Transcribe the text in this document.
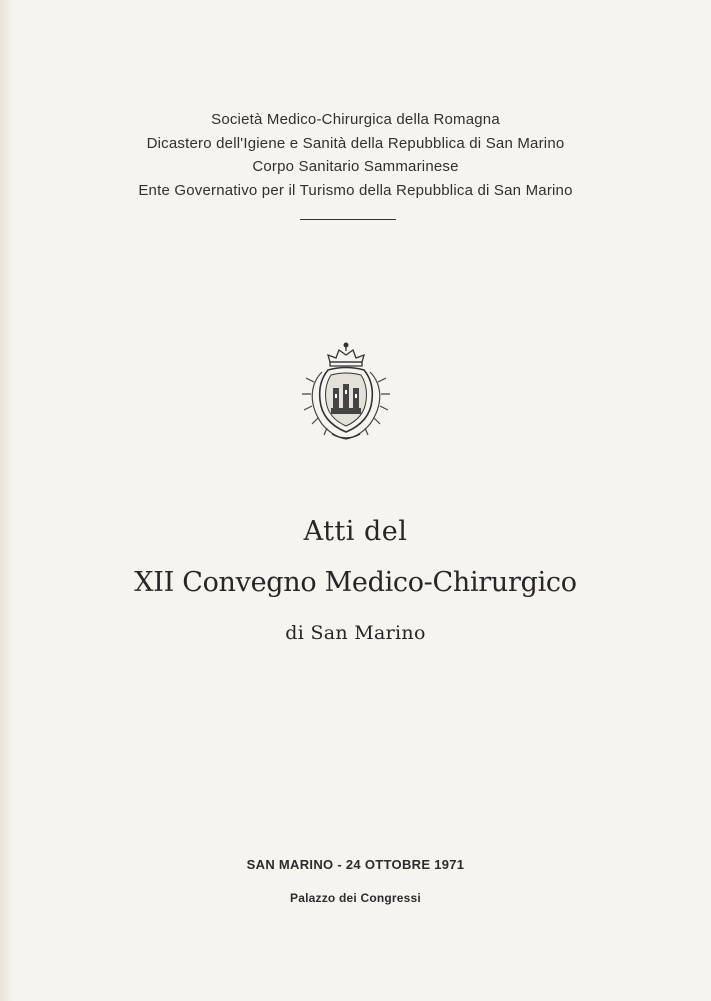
Società Medico-Chirurgica della Romagna
Dicastero dell'Igiene e Sanità della Repubblica di San Marino
Corpo Sanitario Sammarinese
Ente Governativo per il Turismo della Repubblica di San Marino
Atti del
XII Convegno Medico-Chirurgico
di San Marino
SAN MARINO - 24 OTTOBRE 1971
Palazzo dei Congressi
